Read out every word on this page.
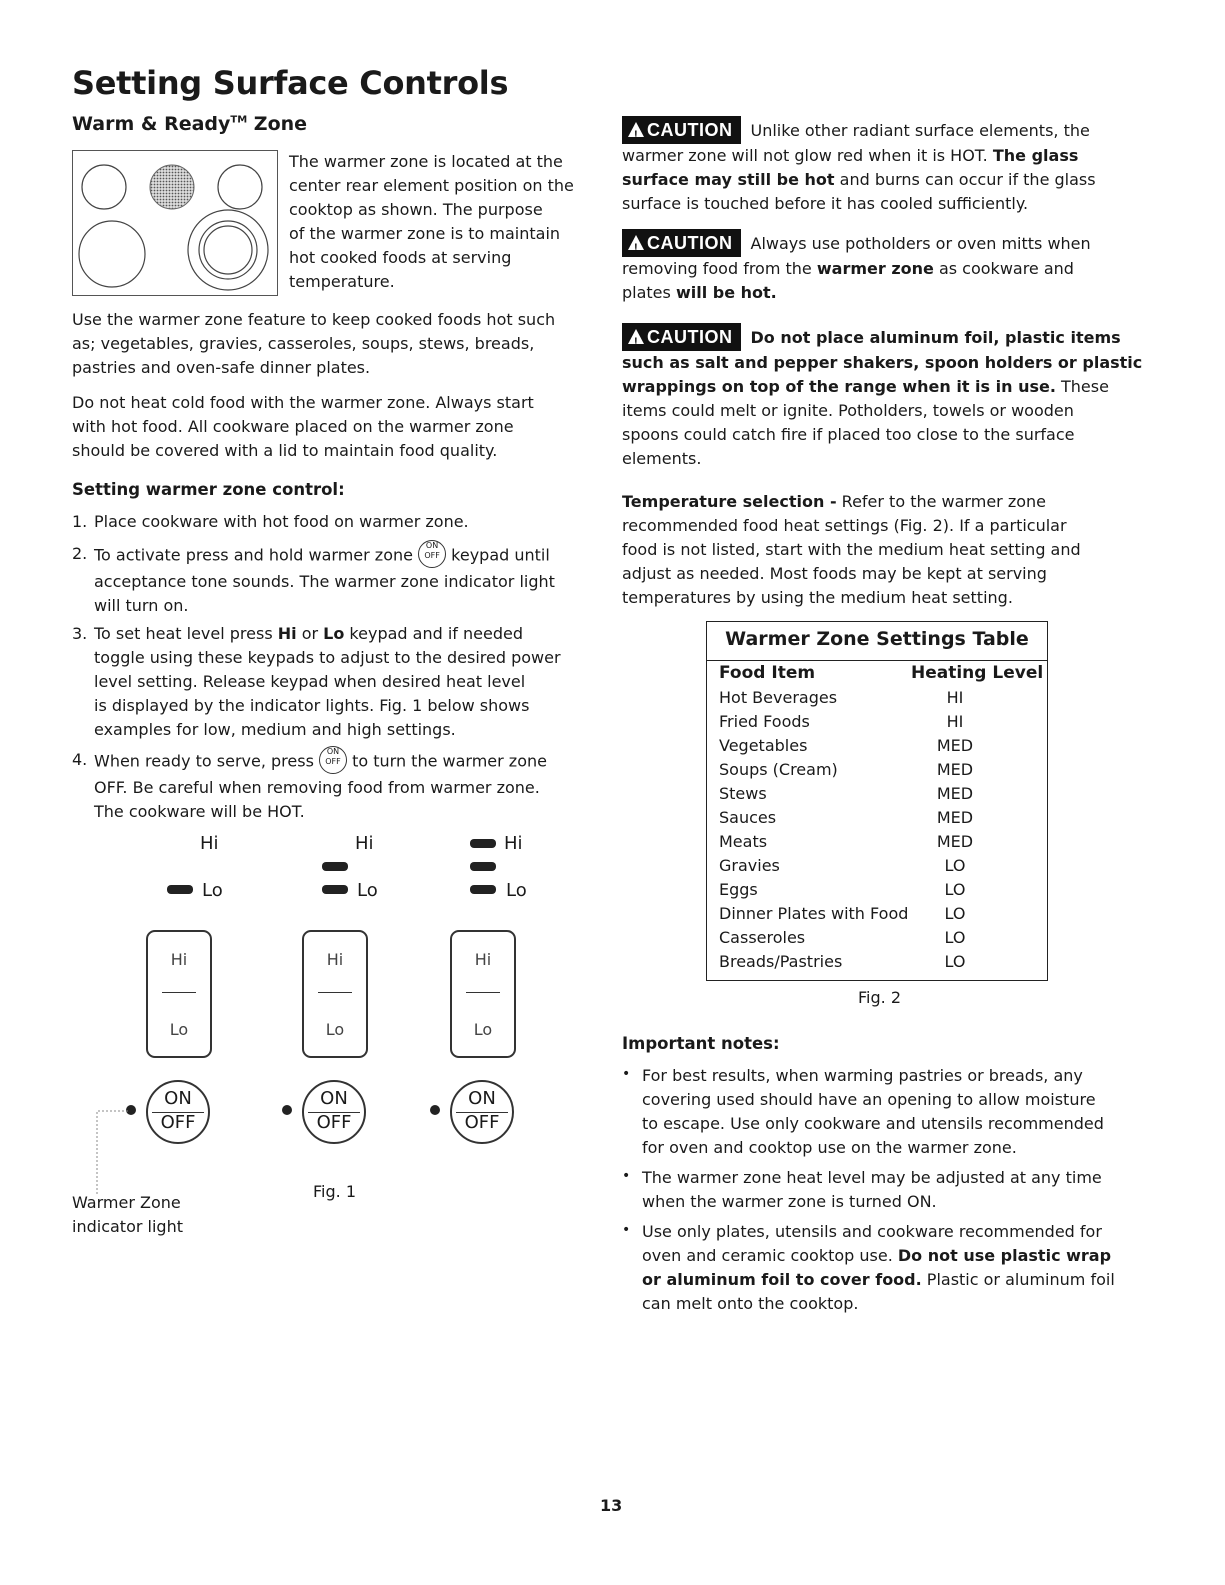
Setting Surface Controls
Warm & Ready™ Zone
The warmer zone is located at the
center rear element position on the
cooktop as shown. The purpose
of the warmer zone is to maintain
hot cooked foods at serving
temperature.
Use the warmer zone feature to keep cooked foods hot such
as; vegetables, gravies, casseroles, soups, stews, breads,
pastries and oven-safe dinner plates.
Do not heat cold food with the warmer zone. Always start
with hot food. All cookware placed on the warmer zone
should be covered with a lid to maintain food quality.
Setting warmer zone control:
1. Place cookware with hot food on warmer zone.
2. To activate press and hold warmer zone ON
OFF keypad until
acceptance tone sounds. The warmer zone indicator light
will turn on.
3. To set heat level press Hi or Lo keypad and if needed
toggle using these keypads to adjust to the desired power
level setting. Release keypad when desired heat level
is displayed by the indicator lights. Fig. 1 below shows
examples for low, medium and high settings.
4. When ready to serve, press ON
OFF to turn the warmer zone
OFF. Be careful when removing food from warmer zone.
The cookware will be HOT.
Hi
Lo
Hi
Lo
ON
OFF
Hi
Lo
Hi
Lo
ON
OFF
Hi
Lo
Hi
Lo
ON
OFF
Fig. 1
Warmer Zone
indicator light
!CAUTION Unlike other radiant surface elements, the
warmer zone will not glow red when it is HOT. The glass
surface may still be hot and burns can occur if the glass
surface is touched before it has cooled sufficiently.
!CAUTION Always use potholders or oven mitts when
removing food from the warmer zone as cookware and
plates will be hot.
!CAUTION Do not place aluminum foil, plastic items
such as salt and pepper shakers, spoon holders or plastic
wrappings on top of the range when it is in use. These
items could melt or ignite. Potholders, towels or wooden
spoons could catch fire if placed too close to the surface
elements.
Temperature selection - Refer to the warmer zone
recommended food heat settings (Fig. 2). If a particular
food is not listed, start with the medium heat setting and
adjust as needed. Most foods may be kept at serving
temperatures by using the medium heat setting.
Warmer Zone Settings Table
Food Item	Heating Level
Hot Beverages	HI
Fried Foods	HI
Vegetables	MED
Soups (Cream)	MED
Stews	MED
Sauces	MED
Meats	MED
Gravies	LO
Eggs	LO
Dinner Plates with Food	LO
Casseroles	LO
Breads/Pastries	LO
Fig. 2
Important notes:
• For best results, when warming pastries or breads, any
covering used should have an opening to allow moisture
to escape. Use only cookware and utensils recommended
for oven and cooktop use on the warmer zone.
• The warmer zone heat level may be adjusted at any time
when the warmer zone is turned ON.
• Use only plates, utensils and cookware recommended for
oven and ceramic cooktop use. Do not use plastic wrap
or aluminum foil to cover food. Plastic or aluminum foil
can melt onto the cooktop.
13
